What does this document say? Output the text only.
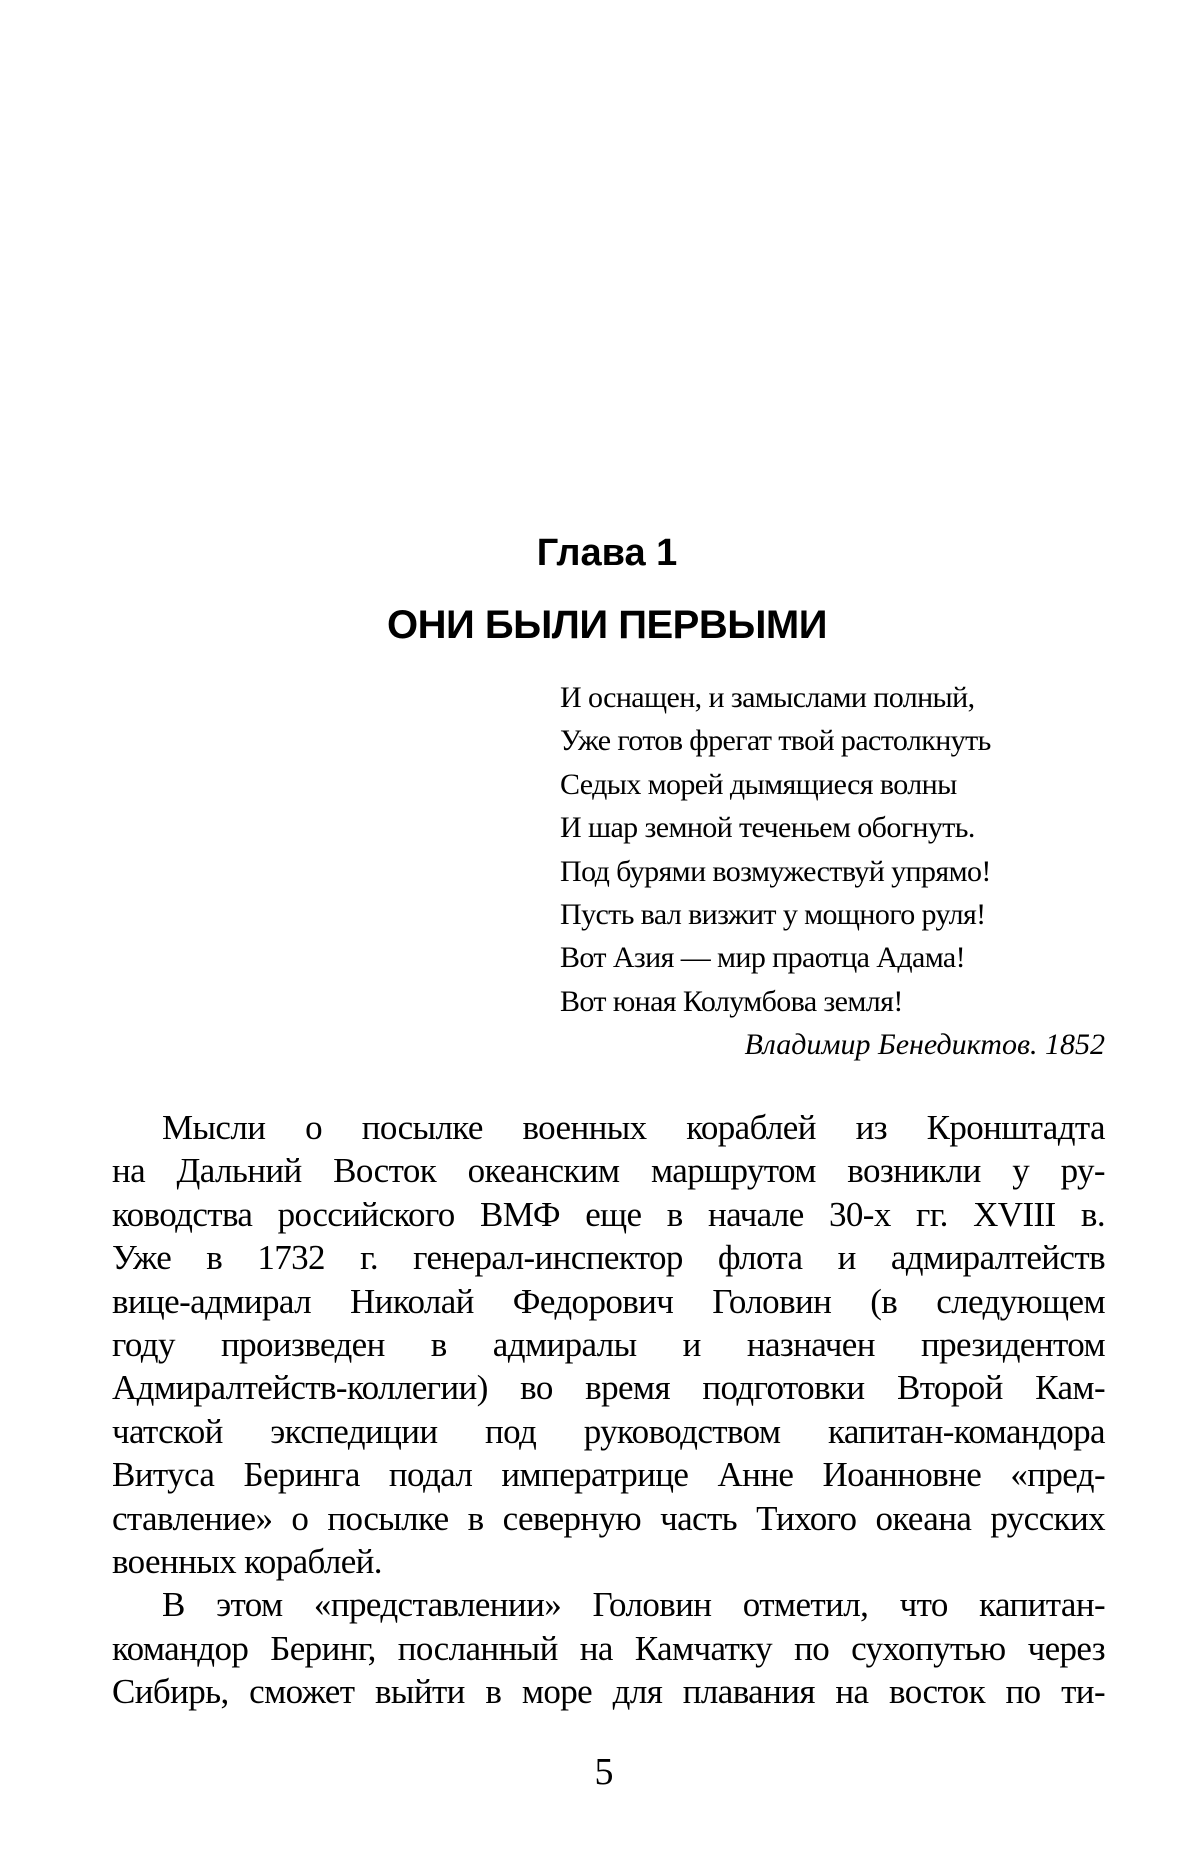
Глава 1
ОНИ БЫЛИ ПЕРВЫМИ
И оснащен, и замыслами полный,
Уже готов фрегат твой растолкнуть
Седых морей дымящиеся волны
И шар земной теченьем обогнуть.
Под бурями возмужествуй упрямо!
Пусть вал визжит у мощного руля!
Вот Азия — мир праотца Адама!
Вот юная Колумбова земля!
Владимир Бенедиктов. 1852
Мысли о посылке военных кораблей из Кронштадта
на Дальний Восток океанским маршрутом возникли у ру-
ководства российского ВМФ еще в начале 30-х гг. XVIII в.
Уже в 1732 г. генерал-инспектор флота и адмиралтейств
вице-адмирал Николай Федорович Головин (в следующем
году произведен в адмиралы и назначен президентом
Адмиралтейств-коллегии) во время подготовки Второй Кам-
чатской экспедиции под руководством капитан-командора
Витуса Беринга подал императрице Анне Иоанновне «пред-
ставление» о посылке в северную часть Тихого океана русских
военных кораблей.
В этом «представлении» Головин отметил, что капитан-
командор Беринг, посланный на Камчатку по сухопутью через
Сибирь, сможет выйти в море для плавания на восток по ти-
5
